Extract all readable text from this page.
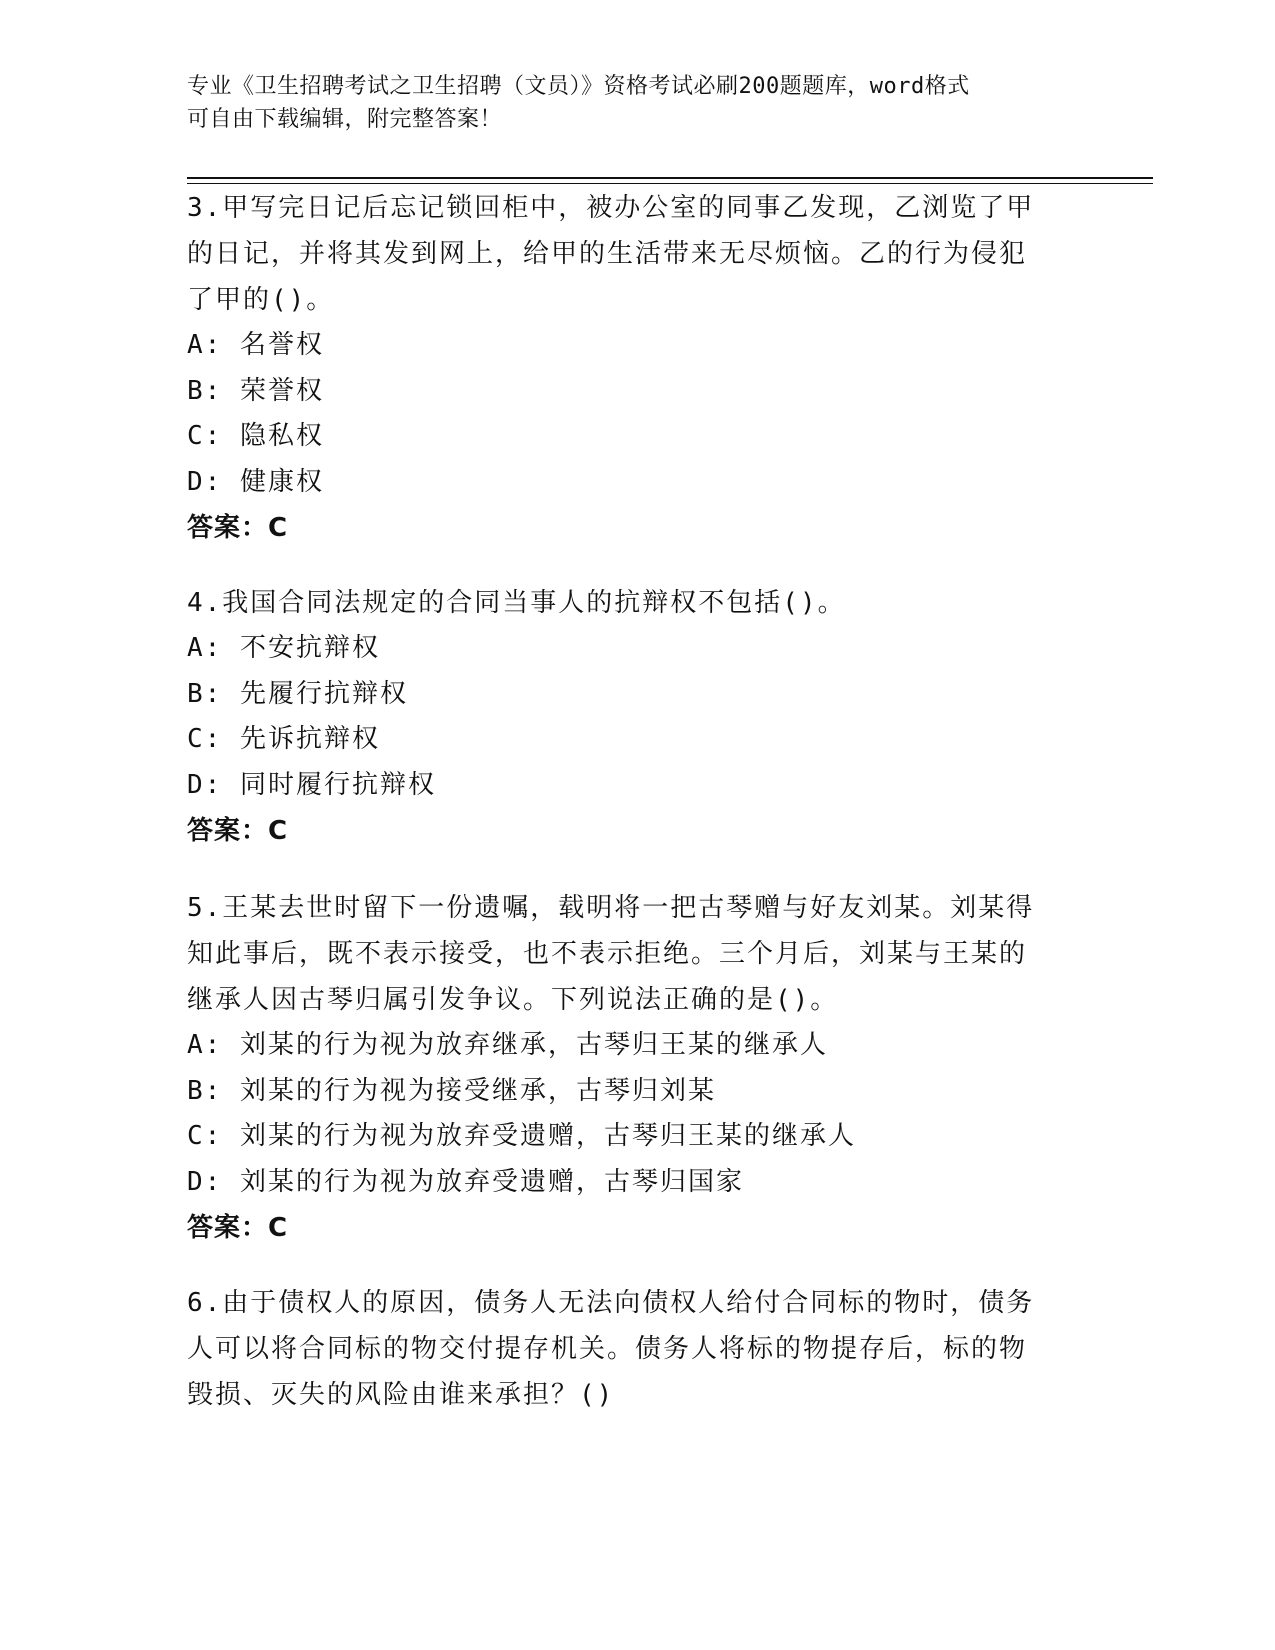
专业《卫生招聘考试之卫生招聘（文员）》资格考试必刷200题题库，word格式
可自由下载编辑，附完整答案！
3.甲写完日记后忘记锁回柜中，被办公室的同事乙发现，乙浏览了甲
的日记，并将其发到网上，给甲的生活带来无尽烦恼。乙的行为侵犯
了甲的()。
A: 名誉权
B: 荣誉权
C: 隐私权
D: 健康权
答案：C
4.我国合同法规定的合同当事人的抗辩权不包括()。
A: 不安抗辩权
B: 先履行抗辩权
C: 先诉抗辩权
D: 同时履行抗辩权
答案：C
5.王某去世时留下一份遗嘱，载明将一把古琴赠与好友刘某。刘某得
知此事后，既不表示接受，也不表示拒绝。三个月后，刘某与王某的
继承人因古琴归属引发争议。下列说法正确的是()。
A: 刘某的行为视为放弃继承，古琴归王某的继承人
B: 刘某的行为视为接受继承，古琴归刘某
C: 刘某的行为视为放弃受遗赠，古琴归王某的继承人
D: 刘某的行为视为放弃受遗赠，古琴归国家
答案：C
6.由于债权人的原因，债务人无法向债权人给付合同标的物时，债务
人可以将合同标的物交付提存机关。债务人将标的物提存后，标的物
毁损、灭失的风险由谁来承担？()
